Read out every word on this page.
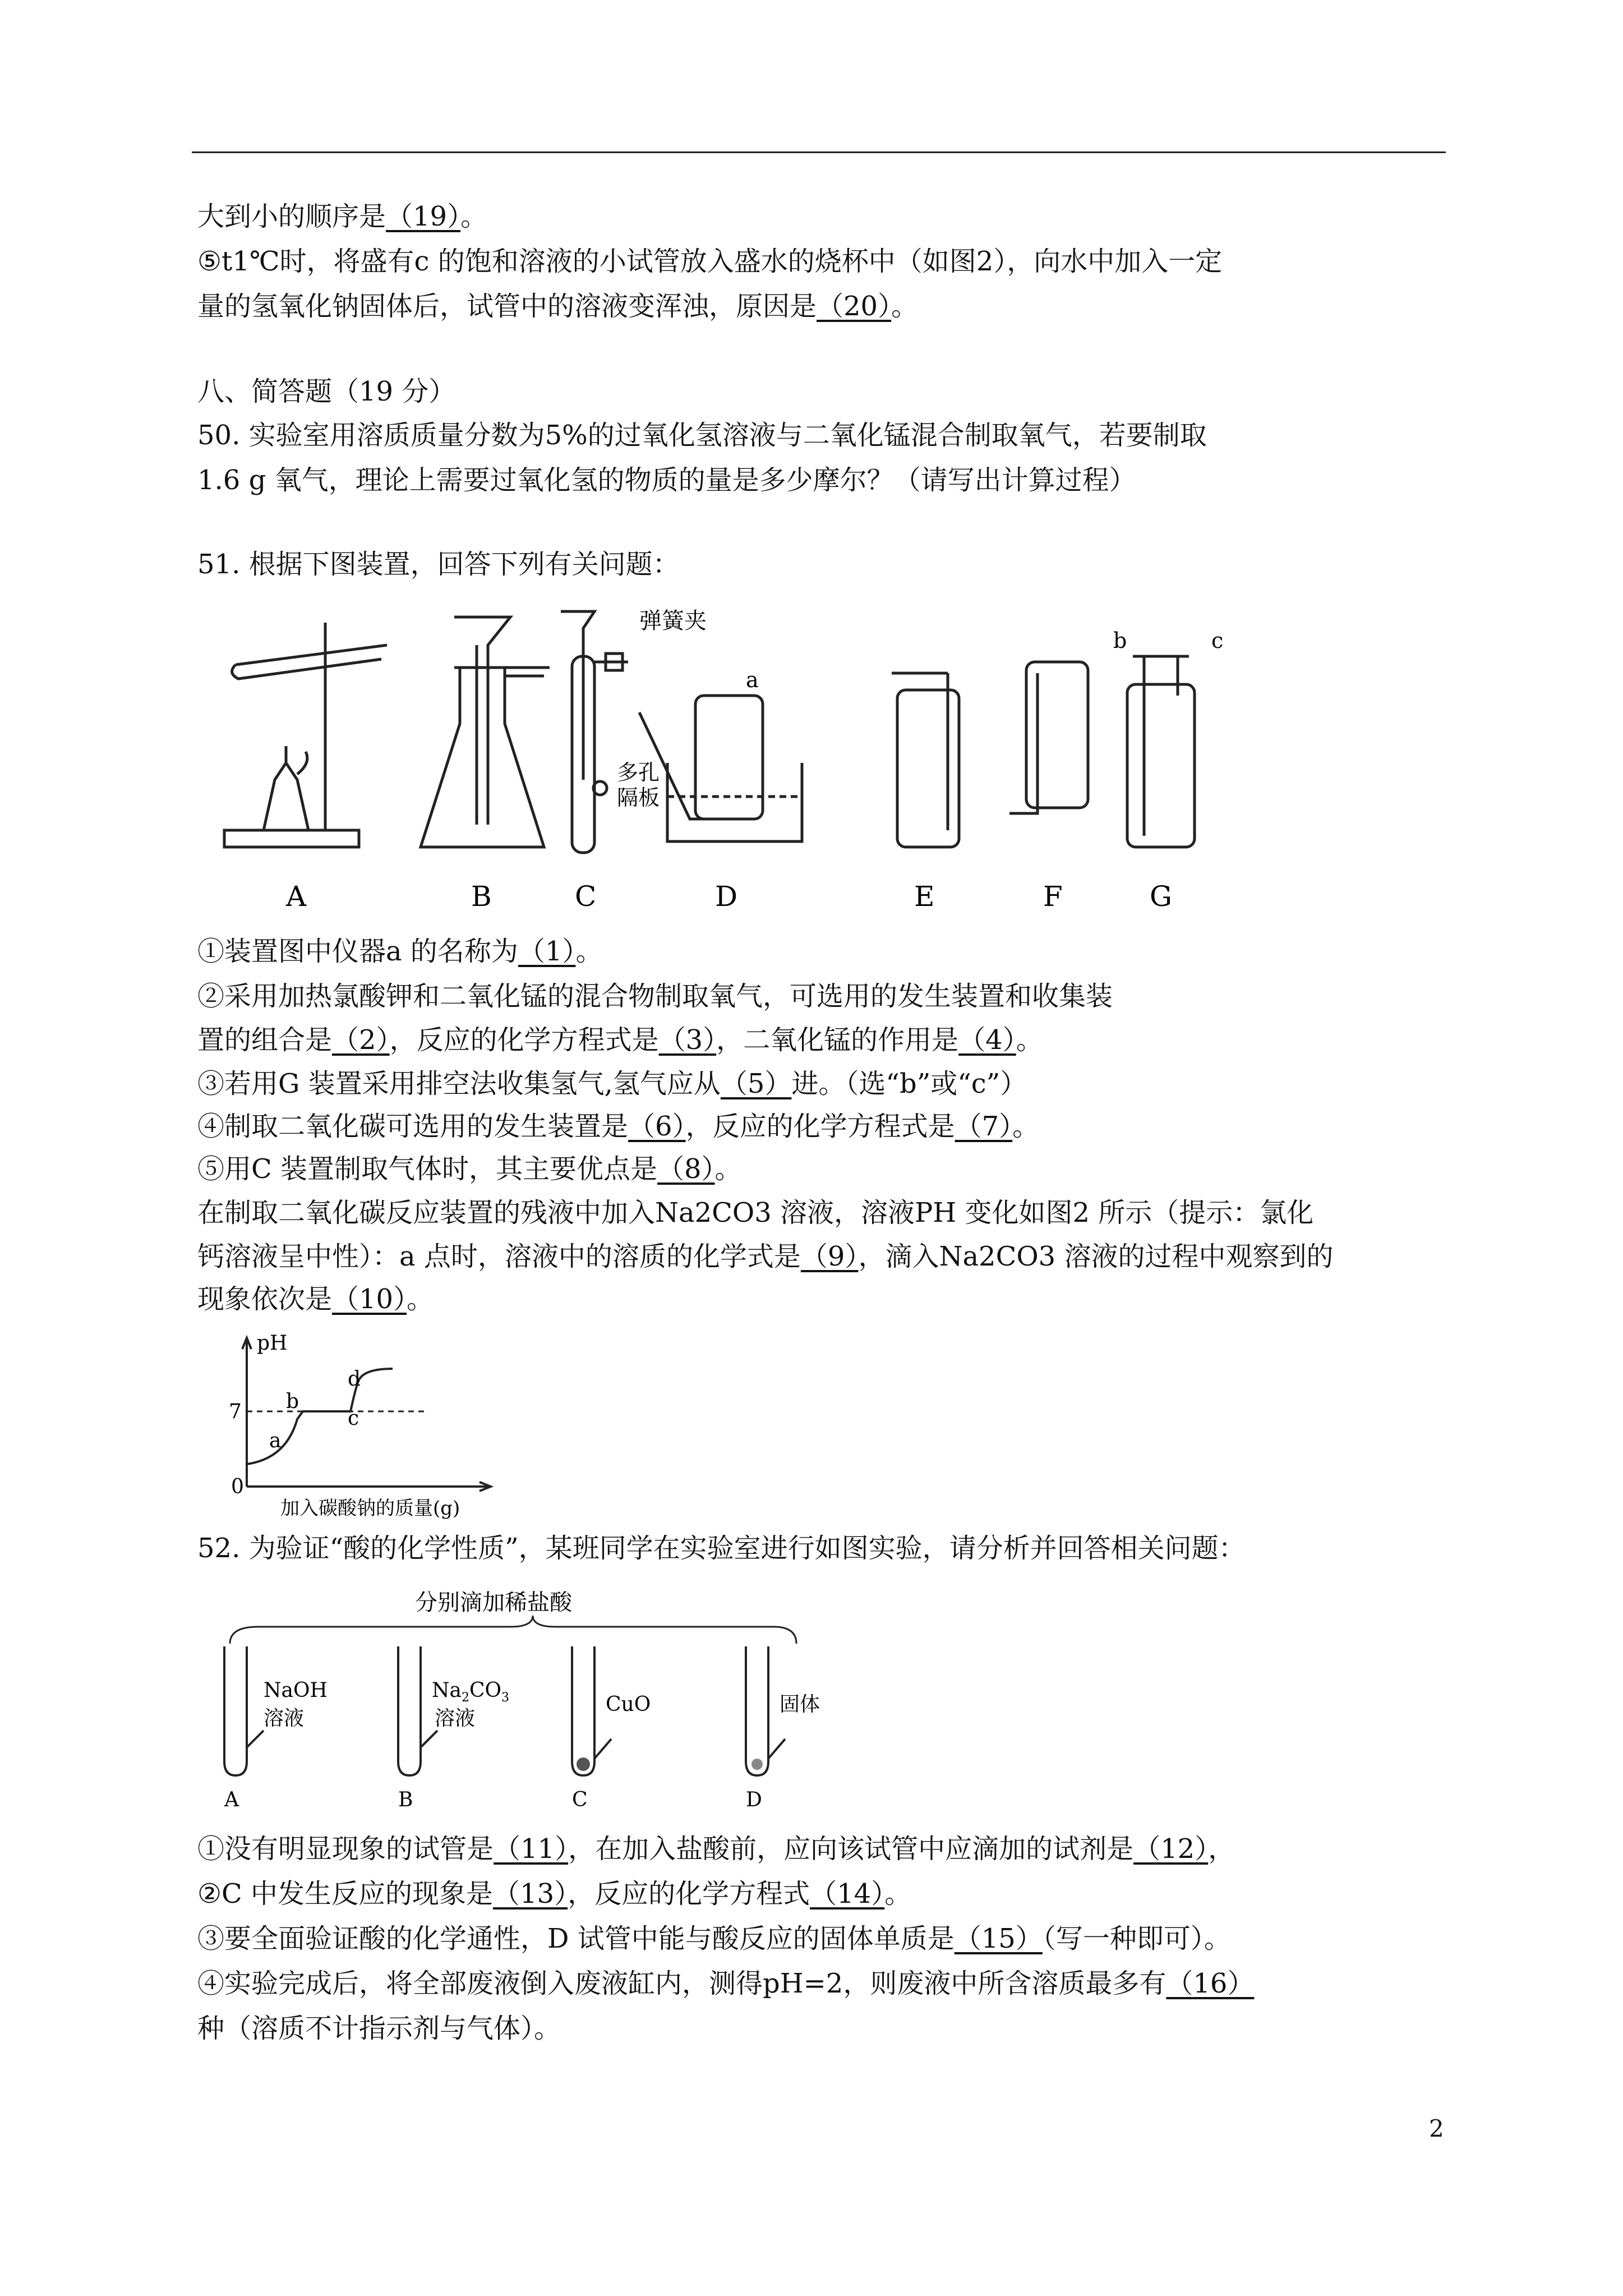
大到小的顺序是（19）。
⑤t1℃时，将盛有c 的饱和溶液的小试管放入盛水的烧杯中（如图2），向水中加入一定
量的氢氧化钠固体后，试管中的溶液变浑浊，原因是（20）。
八、简答题（19 分）
50. 实验室用溶质质量分数为5%的过氧化氢溶液与二氧化锰混合制取氧气，若要制取
1.6 g 氧气，理论上需要过氧化氢的物质的量是多少摩尔？（请写出计算过程）
51. 根据下图装置，回答下列有关问题：
弹簧夹
多孔
隔板
a
b	c
A	B	C	D	E	F	G
①装置图中仪器a 的名称为（1）。
②采用加热氯酸钾和二氧化锰的混合物制取氧气，可选用的发生装置和收集装
置的组合是（2），反应的化学方程式是（3），二氧化锰的作用是（4）。
③若用G 装置采用排空法收集氢气,氢气应从（5）进。（选“b”或“c”）
④制取二氧化碳可选用的发生装置是（6），反应的化学方程式是（7）。
⑤用C 装置制取气体时，其主要优点是（8）。
在制取二氧化碳反应装置的残液中加入Na2CO3 溶液，溶液PH 变化如图2 所示（提示：氯化
钙溶液呈中性）：a 点时，溶液中的溶质的化学式是（9），滴入Na2CO3 溶液的过程中观察到的
现象依次是（10）。
pH
7
0
a
b
c
d
加入碳酸钠的质量(g)
52. 为验证“酸的化学性质”，某班同学在实验室进行如图实验，请分析并回答相关问题：
分别滴加稀盐酸
NaOH
溶液
$Na_2CO_3$
溶液
CuO	固体
A	B	C	D
①没有明显现象的试管是（11），在加入盐酸前，应向该试管中应滴加的试剂是（12），
②C 中发生反应的现象是（13），反应的化学方程式（14）。
③要全面验证酸的化学通性，D 试管中能与酸反应的固体单质是（15）（写一种即可）。
④实验完成后，将全部废液倒入废液缸内，测得pH=2，则废液中所含溶质最多有（16）
种（溶质不计指示剂与气体）。
2
